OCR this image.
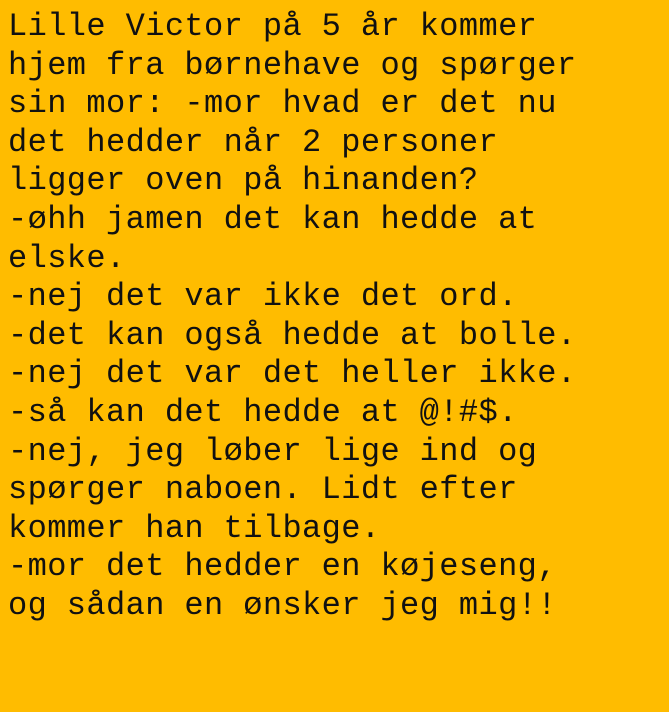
Lille Victor på 5 år kommer
hjem fra børnehave og spørger
sin mor: -mor hvad er det nu
det hedder når 2 personer
ligger oven på hinanden?
-øhh jamen det kan hedde at
elske.
-nej det var ikke det ord.
-det kan også hedde at bolle.
-nej det var det heller ikke.
-så kan det hedde at @!#$.
-nej, jeg løber lige ind og
spørger naboen. Lidt efter
kommer han tilbage.
-mor det hedder en køjeseng,
og sådan en ønsker jeg mig!!
